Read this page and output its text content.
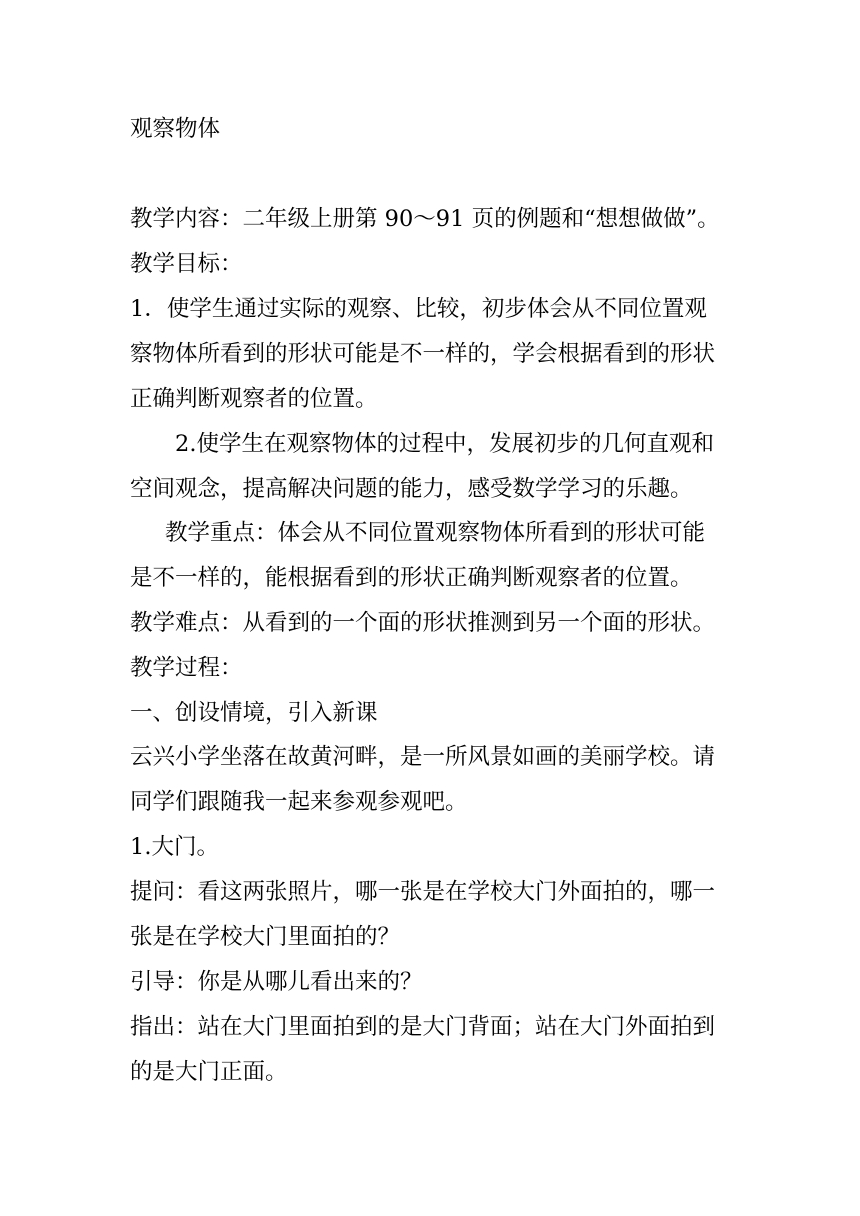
观察物体
教学内容：二年级上册第 90～91 页的例题和“想想做做”。
教学目标：
1．使学生通过实际的观察、比较，初步体会从不同位置观
察物体所看到的形状可能是不一样的，学会根据看到的形状
正确判断观察者的位置。
2.使学生在观察物体的过程中，发展初步的几何直观和
空间观念，提高解决问题的能力，感受数学学习的乐趣。
教学重点：体会从不同位置观察物体所看到的形状可能
是不一样的，能根据看到的形状正确判断观察者的位置。
教学难点：从看到的一个面的形状推测到另一个面的形状。
教学过程：
一、创设情境，引入新课
云兴小学坐落在故黄河畔，是一所风景如画的美丽学校。请
同学们跟随我一起来参观参观吧。
1.大门。
提问：看这两张照片，哪一张是在学校大门外面拍的，哪一
张是在学校大门里面拍的？
引导：你是从哪儿看出来的？
指出：站在大门里面拍到的是大门背面；站在大门外面拍到
的是大门正面。
